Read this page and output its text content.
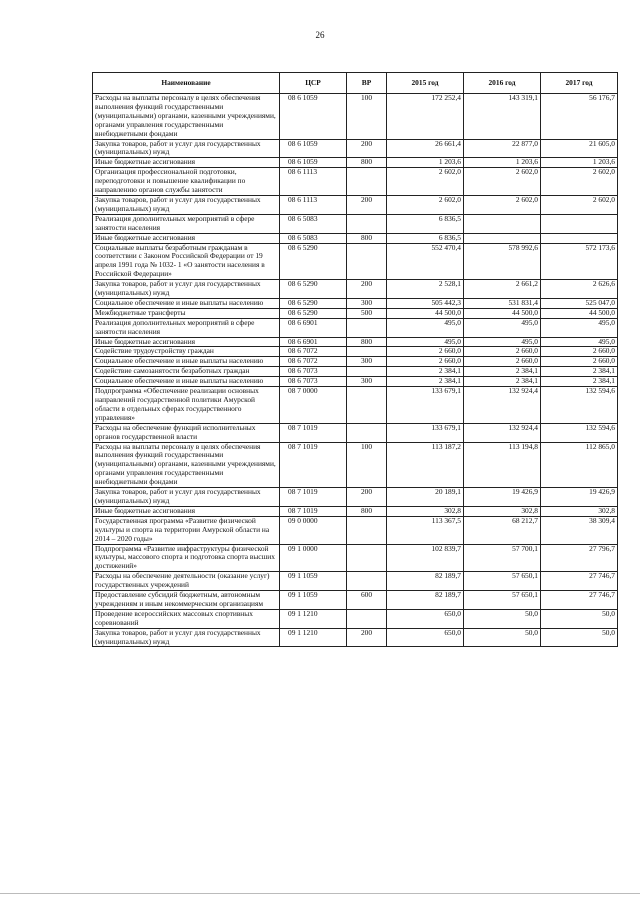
26
Наименование	ЦСР	ВР	2015 год	2016 год	2017 год
Расходы на выплаты персоналу в целях обеспечения выполнения функций государственными (муниципальными) органами, казенными учреждениями, органами управления государственными внебюджетными фондами	08 6 1059	100	172 252,4	143 319,1	56 176,7
Закупка товаров, работ и услуг для государственных (муниципальных) нужд	08 6 1059	200	26 661,4	22 877,0	21 605,0
Иные бюджетные ассигнования	08 6 1059	800	1 203,6	1 203,6	1 203,6
Организация профессиональной подготовки, переподготовки и повышение квалификации по направлению органов службы занятости	08 6 1113		2 602,0	2 602,0	2 602,0
Закупка товаров, работ и услуг для государственных (муниципальных) нужд	08 6 1113	200	2 602,0	2 602,0	2 602,0
Реализация дополнительных мероприятий в сфере занятости населения	08 6 5083		6 836,5		
Иные бюджетные ассигнования	08 6 5083	800	6 836,5		
Социальные выплаты безработным гражданам в соответствии с Законом Российской Федерации от 19 апреля 1991 года № 1032- 1 «О занятости населения в Российской Федерации»	08 6 5290		552 470,4	578 992,6	572 173,6
Закупка товаров, работ и услуг для государственных (муниципальных) нужд	08 6 5290	200	2 528,1	2 661,2	2 626,6
Социальное обеспечение и иные выплаты населению	08 6 5290	300	505 442,3	531 831,4	525 047,0
Межбюджетные трансферты	08 6 5290	500	44 500,0	44 500,0	44 500,0
Реализация дополнительных мероприятий в сфере занятости населения	08 6 6901		495,0	495,0	495,0
Иные бюджетные ассигнования	08 6 6901	800	495,0	495,0	495,0
Содействие трудоустройству граждан	08 6 7072		2 660,0	2 660,0	2 660,0
Социальное обеспечение и иные выплаты населению	08 6 7072	300	2 660,0	2 660,0	2 660,0
Содействие самозанятости безработных граждан	08 6 7073		2 384,1	2 384,1	2 384,1
Социальное обеспечение и иные выплаты населению	08 6 7073	300	2 384,1	2 384,1	2 384,1
Подпрограмма «Обеспечение реализации основных направлений государственной политики Амурской области в отдельных сферах государственного управления»	08 7 0000		133 679,1	132 924,4	132 594,6
Расходы на обеспечение функций исполнительных органов государственной власти	08 7 1019		133 679,1	132 924,4	132 594,6
Расходы на выплаты персоналу в целях обеспечения выполнения функций государственными (муниципальными) органами, казенными учреждениями, органами управления государственными внебюджетными фондами	08 7 1019	100	113 187,2	113 194,8	112 865,0
Закупка товаров, работ и услуг для государственных (муниципальных) нужд	08 7 1019	200	20 189,1	19 426,9	19 426,9
Иные бюджетные ассигнования	08 7 1019	800	302,8	302,8	302,8
Государственная программа «Развитие физической культуры и спорта на территории Амурской области на 2014 – 2020 годы»	09 0 0000		113 367,5	68 212,7	38 309,4
Подпрограмма «Развитие инфраструктуры физической культуры, массового спорта и подготовка спорта высших достижений»	09 1 0000		102 839,7	57 700,1	27 796,7
Расходы на обеспечение деятельности (оказание услуг) государственных учреждений	09 1 1059		82 189,7	57 650,1	27 746,7
Предоставление субсидий бюджетным, автономным учреждениям и иным некоммерческим организациям	09 1 1059	600	82 189,7	57 650,1	27 746,7
Проведение всероссийских массовых спортивных соревнований	09 1 1210		650,0	50,0	50,0
Закупка товаров, работ и услуг для государственных (муниципальных) нужд	09 1 1210	200	650,0	50,0	50,0
